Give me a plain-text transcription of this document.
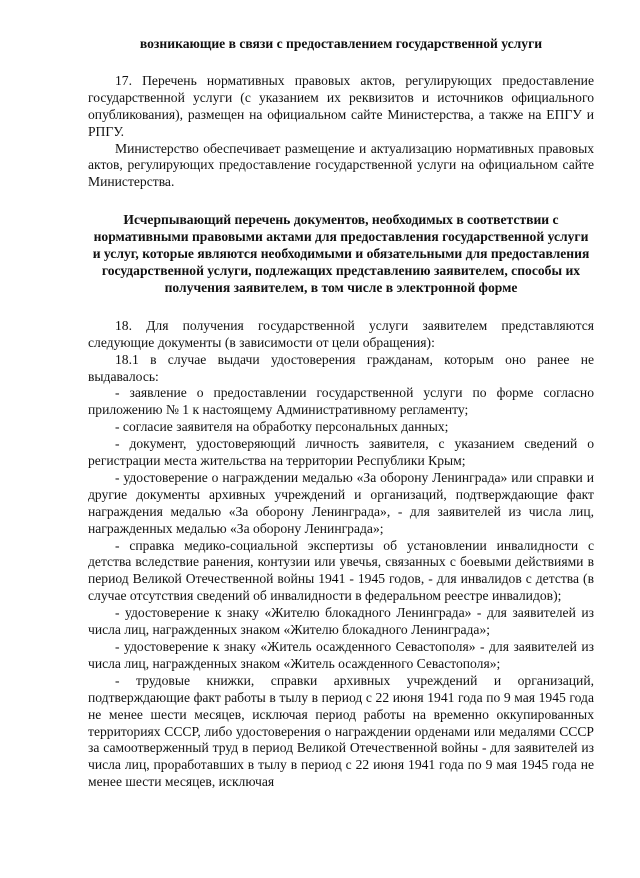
возникающие в связи с предоставлением государственной услуги

17. Перечень нормативных правовых актов, регулирующих предоставление государственной услуги (с указанием их реквизитов и источников официального опубликования), размещен на официальном сайте Министерства, а также на ЕПГУ и РПГУ.

Министерство обеспечивает размещение и актуализацию нормативных правовых актов, регулирующих предоставление государственной услуги на официальном сайте Министерства.

Исчерпывающий перечень документов, необходимых в соответствии с нормативными правовыми актами для предоставления государственной услуги и услуг, которые являются необходимыми и обязательными для предоставления государственной услуги, подлежащих представлению заявителем, способы их получения заявителем, в том числе в электронной форме

18. Для получения государственной услуги заявителем представляются следующие документы (в зависимости от цели обращения):

18.1 в случае выдачи удостоверения гражданам, которым оно ранее не выдавалось:

- заявление о предоставлении государственной услуги по форме согласно приложению № 1 к настоящему Административному регламенту;

- согласие заявителя на обработку персональных данных;

- документ, удостоверяющий личность заявителя, с указанием сведений о регистрации места жительства на территории Республики Крым;

- удостоверение о награждении медалью «За оборону Ленинграда» или справки и другие документы архивных учреждений и организаций, подтверждающие факт награждения медалью «За оборону Ленинграда», - для заявителей из числа лиц, награжденных медалью «За оборону Ленинграда»;

- справка медико-социальной экспертизы об установлении инвалидности с детства вследствие ранения, контузии или увечья, связанных с боевыми действиями в период Великой Отечественной войны 1941 - 1945 годов, - для инвалидов с детства (в случае отсутствия сведений об инвалидности в федеральном реестре инвалидов);

- удостоверение к знаку «Жителю блокадного Ленинграда» - для заявителей из числа лиц, награжденных знаком «Жителю блокадного Ленинграда»;

- удостоверение к знаку «Житель осажденного Севастополя» - для заявителей из числа лиц, награжденных знаком «Житель осажденного Севастополя»;

- трудовые книжки, справки архивных учреждений и организаций, подтверждающие факт работы в тылу в период с 22 июня 1941 года по 9 мая 1945 года не менее шести месяцев, исключая период работы на временно оккупированных территориях СССР, либо удостоверения о награждении орденами или медалями СССР за самоотверженный труд в период Великой Отечественной войны - для заявителей из числа лиц, проработавших в тылу в период с 22 июня 1941 года по 9 мая 1945 года не менее шести месяцев, исключая
